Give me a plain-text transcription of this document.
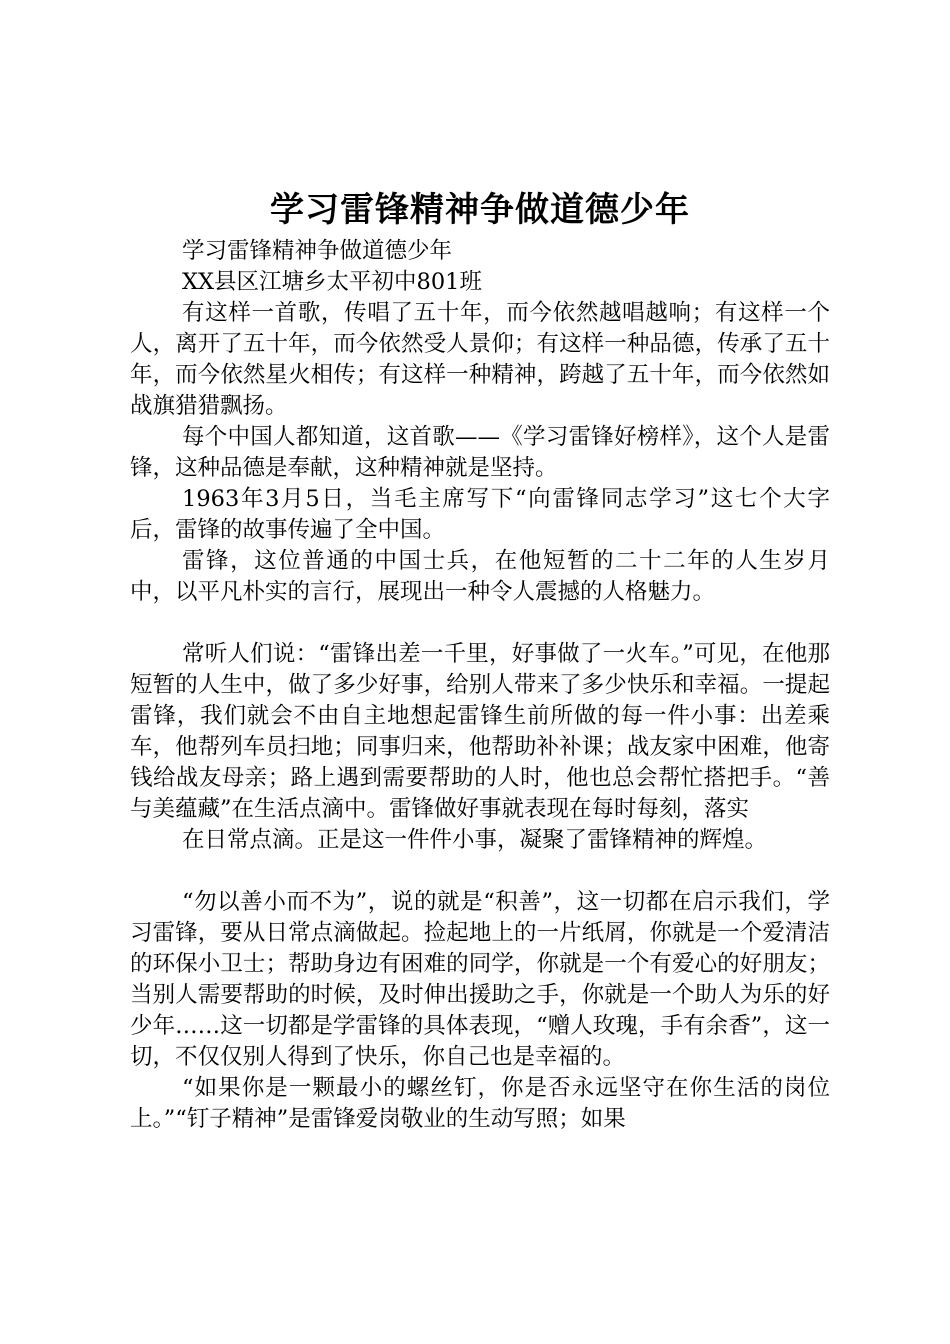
学习雷锋精神争做道德少年

学习雷锋精神争做道德少年

XX县区江塘乡太平初中801班

有这样一首歌，传唱了五十年，而今依然越唱越响；有这样一个人，离开了五十年，而今依然受人景仰；有这样一种品德，传承了五十年，而今依然星火相传；有这样一种精神，跨越了五十年，而今依然如战旗猎猎飘扬。

每个中国人都知道，这首歌——《学习雷锋好榜样》，这个人是雷锋，这种品德是奉献，这种精神就是坚持。

1963年3月5日，当毛主席写下“向雷锋同志学习”这七个大字后，雷锋的故事传遍了全中国。

雷锋，这位普通的中国士兵，在他短暂的二十二年的人生岁月中，以平凡朴实的言行，展现出一种令人震撼的人格魅力。

常听人们说：“雷锋出差一千里，好事做了一火车。”可见，在他那短暂的人生中，做了多少好事，给别人带来了多少快乐和幸福。一提起雷锋，我们就会不由自主地想起雷锋生前所做的每一件小事：出差乘车，他帮列车员扫地；同事归来，他帮助补补课；战友家中困难，他寄钱给战友母亲；路上遇到需要帮助的人时，他也总会帮忙搭把手。“善与美蕴藏”在生活点滴中。雷锋做好事就表现在每时每刻，落实

在日常点滴。正是这一件件小事，凝聚了雷锋精神的辉煌。

“勿以善小而不为”，说的就是“积善”，这一切都在启示我们，学习雷锋，要从日常点滴做起。捡起地上的一片纸屑，你就是一个爱清洁的环保小卫士；帮助身边有困难的同学，你就是一个有爱心的好朋友；当别人需要帮助的时候，及时伸出援助之手，你就是一个助人为乐的好少年……这一切都是学雷锋的具体表现，“赠人玫瑰，手有余香”，这一切，不仅仅别人得到了快乐，你自己也是幸福的。

“如果你是一颗最小的螺丝钉，你是否永远坚守在你生活的岗位上。”“钉子精神”是雷锋爱岗敬业的生动写照；如果
